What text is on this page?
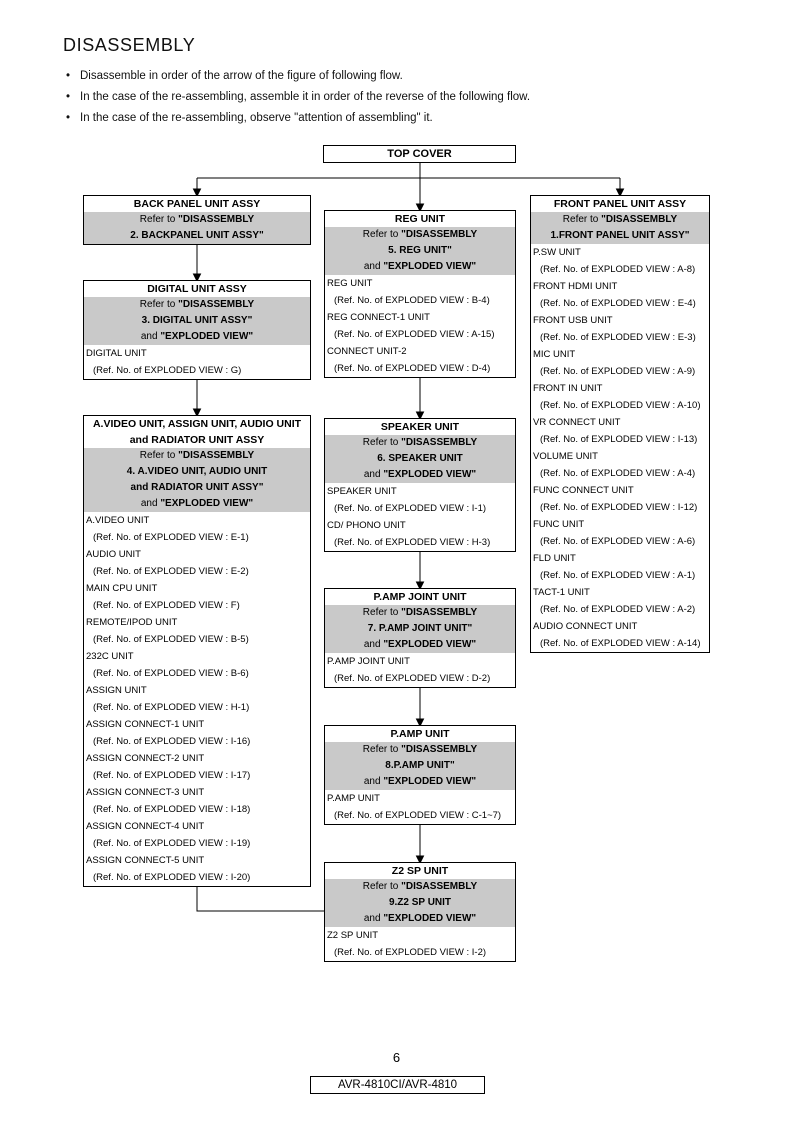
DISASSEMBLY
• Disassemble in order of the arrow of the figure of following flow.
• In the case of the re-assembling, assemble it in order of the reverse of the following flow.
• In the case of the re-assembling, observe "attention of assembling" it.
TOP COVER
BACK PANEL UNIT ASSY
Refer to "DISASSEMBLY
2. BACKPANEL UNIT ASSY"
DIGITAL UNIT ASSY
Refer to "DISASSEMBLY
3. DIGITAL UNIT ASSY"
and "EXPLODED VIEW"
DIGITAL UNIT
(Ref. No. of EXPLODED VIEW : G)
A.VIDEO UNIT, ASSIGN UNIT, AUDIO UNIT
and RADIATOR UNIT ASSY
Refer to "DISASSEMBLY
4. A.VIDEO UNIT, AUDIO UNIT
and RADIATOR UNIT ASSY"
and "EXPLODED VIEW"
A.VIDEO UNIT
(Ref. No. of EXPLODED VIEW : E-1)
AUDIO UNIT
(Ref. No. of EXPLODED VIEW : E-2)
MAIN CPU UNIT
(Ref. No. of EXPLODED VIEW : F)
REMOTE/IPOD UNIT
(Ref. No. of EXPLODED VIEW : B-5)
232C UNIT
(Ref. No. of EXPLODED VIEW : B-6)
ASSIGN UNIT
(Ref. No. of EXPLODED VIEW : H-1)
ASSIGN CONNECT-1 UNIT
(Ref. No. of EXPLODED VIEW : I-16)
ASSIGN CONNECT-2 UNIT
(Ref. No. of EXPLODED VIEW : I-17)
ASSIGN CONNECT-3 UNIT
(Ref. No. of EXPLODED VIEW : I-18)
ASSIGN CONNECT-4 UNIT
(Ref. No. of EXPLODED VIEW : I-19)
ASSIGN CONNECT-5 UNIT
(Ref. No. of EXPLODED VIEW : I-20)
REG UNIT
Refer to "DISASSEMBLY
5. REG UNIT"
and "EXPLODED VIEW"
REG UNIT
(Ref. No. of EXPLODED VIEW : B-4)
REG CONNECT-1 UNIT
(Ref. No. of EXPLODED VIEW : A-15)
CONNECT UNIT-2
(Ref. No. of EXPLODED VIEW : D-4)
SPEAKER UNIT
Refer to "DISASSEMBLY
6. SPEAKER UNIT
and "EXPLODED VIEW"
SPEAKER UNIT
(Ref. No. of EXPLODED VIEW : I-1)
CD/ PHONO UNIT
(Ref. No. of EXPLODED VIEW : H-3)
P.AMP JOINT UNIT
Refer to "DISASSEMBLY
7. P.AMP JOINT UNIT"
and "EXPLODED VIEW"
P.AMP JOINT UNIT
(Ref. No. of EXPLODED VIEW : D-2)
P.AMP UNIT
Refer to "DISASSEMBLY
8.P.AMP UNIT"
and "EXPLODED VIEW"
P.AMP UNIT
(Ref. No. of EXPLODED VIEW : C-1~7)
Z2 SP UNIT
Refer to "DISASSEMBLY
9.Z2 SP UNIT
and "EXPLODED VIEW"
Z2 SP UNIT
(Ref. No. of EXPLODED VIEW : I-2)
FRONT PANEL UNIT ASSY
Refer to "DISASSEMBLY
1.FRONT PANEL UNIT ASSY"
P.SW UNIT
(Ref. No. of EXPLODED VIEW : A-8)
FRONT HDMI UNIT
(Ref. No. of EXPLODED VIEW : E-4)
FRONT USB UNIT
(Ref. No. of EXPLODED VIEW : E-3)
MIC UNIT
(Ref. No. of EXPLODED VIEW : A-9)
FRONT IN UNIT
(Ref. No. of EXPLODED VIEW : A-10)
VR CONNECT UNIT
(Ref. No. of EXPLODED VIEW : I-13)
VOLUME UNIT
(Ref. No. of EXPLODED VIEW : A-4)
FUNC CONNECT UNIT
(Ref. No. of EXPLODED VIEW : I-12)
FUNC UNIT
(Ref. No. of EXPLODED VIEW : A-6)
FLD UNIT
(Ref. No. of EXPLODED VIEW : A-1)
TACT-1 UNIT
(Ref. No. of EXPLODED VIEW : A-2)
AUDIO CONNECT UNIT
(Ref. No. of EXPLODED VIEW : A-14)
6
AVR-4810CI/AVR-4810
